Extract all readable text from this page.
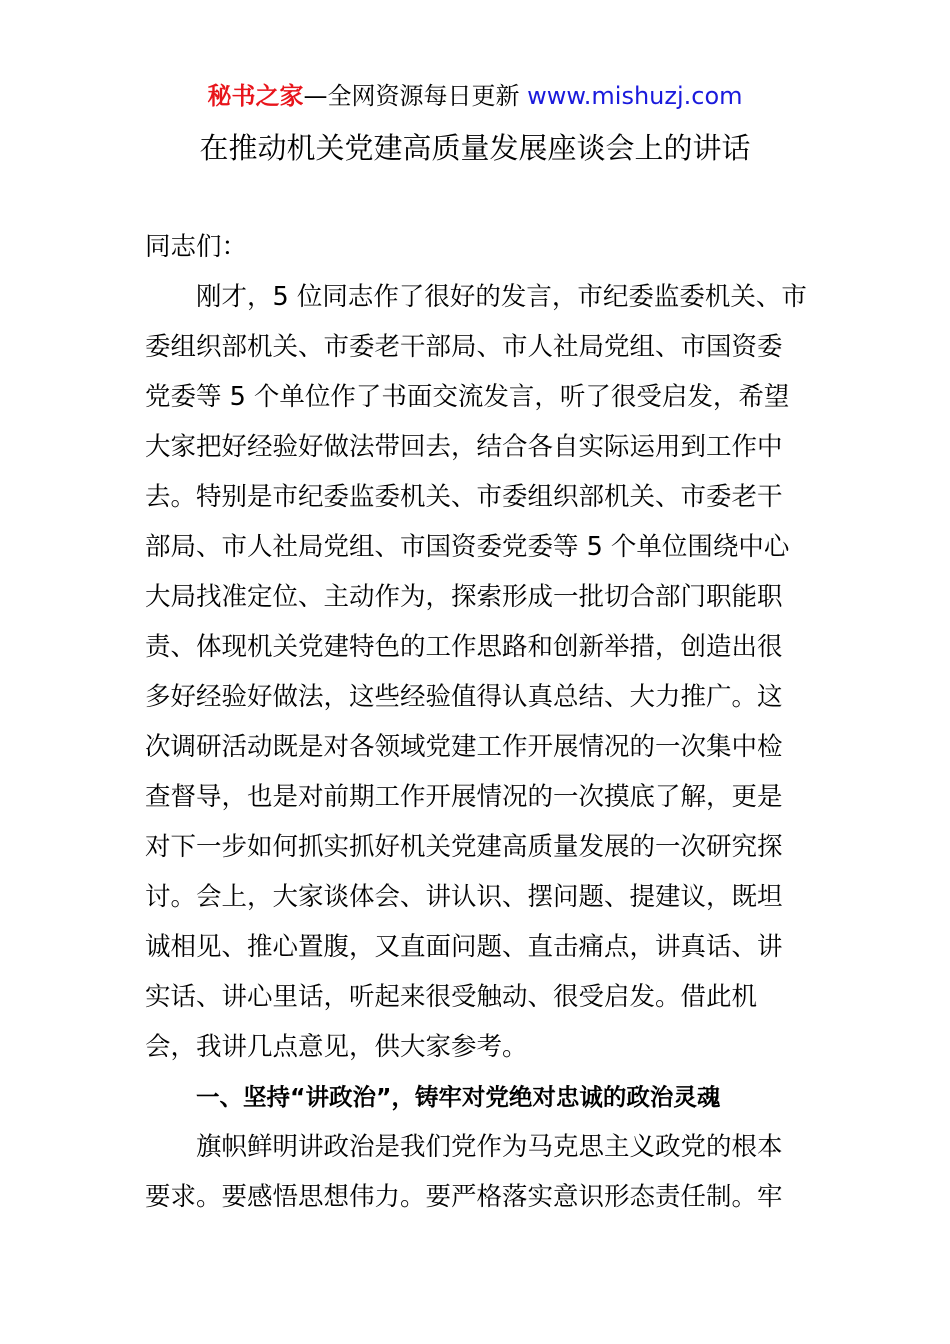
秘书之家—全网资源每日更新 www.mishuzj.com
在推动机关党建高质量发展座谈会上的讲话
同志们：
刚才，5 位同志作了很好的发言，市纪委监委机关、市
委组织部机关、市委老干部局、市人社局党组、市国资委
党委等 5 个单位作了书面交流发言，听了很受启发，希望
大家把好经验好做法带回去，结合各自实际运用到工作中
去。特别是市纪委监委机关、市委组织部机关、市委老干
部局、市人社局党组、市国资委党委等 5 个单位围绕中心
大局找准定位、主动作为，探索形成一批切合部门职能职
责、体现机关党建特色的工作思路和创新举措，创造出很
多好经验好做法，这些经验值得认真总结、大力推广。这
次调研活动既是对各领域党建工作开展情况的一次集中检
查督导，也是对前期工作开展情况的一次摸底了解，更是
对下一步如何抓实抓好机关党建高质量发展的一次研究探
讨。会上，大家谈体会、讲认识、摆问题、提建议，既坦
诚相见、推心置腹，又直面问题、直击痛点，讲真话、讲
实话、讲心里话，听起来很受触动、很受启发。借此机
会，我讲几点意见，供大家参考。
一、坚持“讲政治”，铸牢对党绝对忠诚的政治灵魂
旗帜鲜明讲政治是我们党作为马克思主义政党的根本
要求。要感悟思想伟力。要严格落实意识形态责任制。牢
